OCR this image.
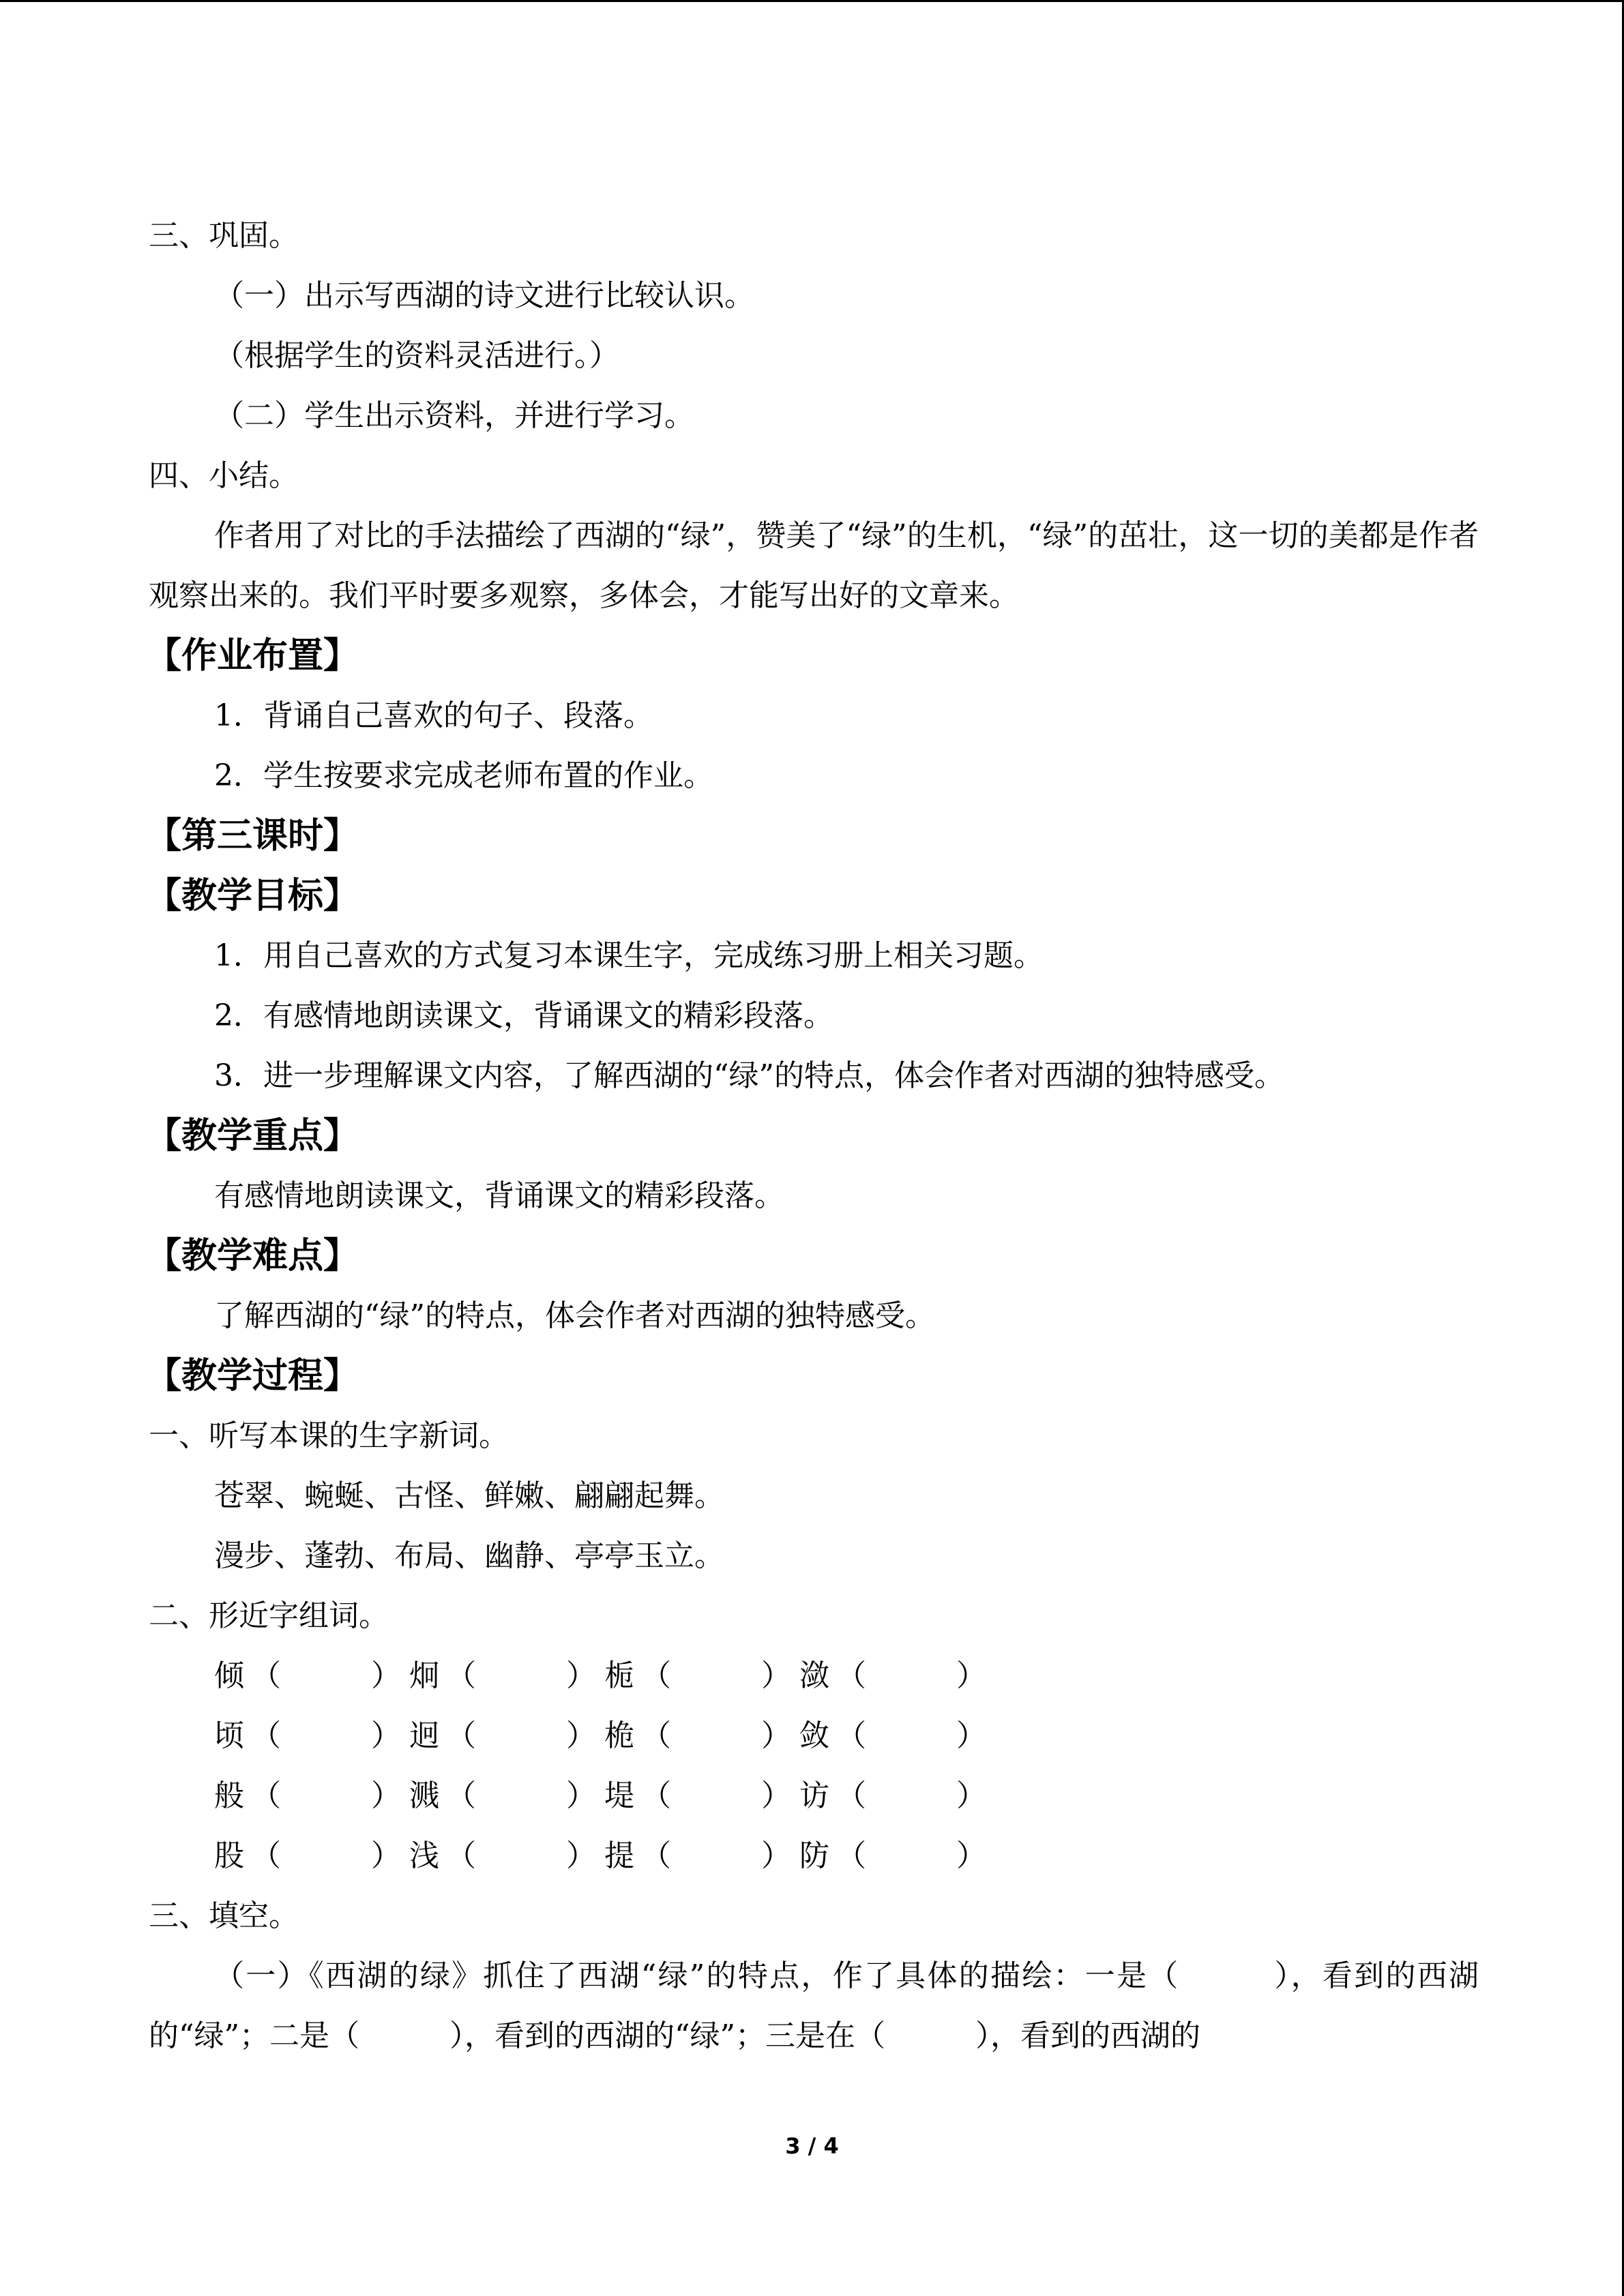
三、巩固。
（一）出示写西湖的诗文进行比较认识。
（根据学生的资料灵活进行。）
（二）学生出示资料，并进行学习。
四、小结。
作者用了对比的手法描绘了西湖的“绿”，赞美了“绿”的生机，“绿”的茁壮，这一切的美都是作者观察出来的。我们平时要多观察，多体会，才能写出好的文章来。
【作业布置】
1．背诵自己喜欢的句子、段落。
2．学生按要求完成老师布置的作业。
【第三课时】
【教学目标】
1．用自己喜欢的方式复习本课生字，完成练习册上相关习题。
2．有感情地朗读课文，背诵课文的精彩段落。
3．进一步理解课文内容，了解西湖的“绿”的特点，体会作者对西湖的独特感受。
【教学重点】
有感情地朗读课文，背诵课文的精彩段落。
【教学难点】
了解西湖的“绿”的特点，体会作者对西湖的独特感受。
【教学过程】
一、听写本课的生字新词。
苍翠、蜿蜒、古怪、鲜嫩、翩翩起舞。
漫步、蓬勃、布局、幽静、亭亭玉立。
二、形近字组词。
倾 （　　　） 炯 （　　　） 栀 （　　　） 潋 （　　　）
顷 （　　　） 迥 （　　　） 桅 （　　　） 敛 （　　　）
般 （　　　） 溅 （　　　） 堤 （　　　） 访 （　　　）
股 （　　　） 浅 （　　　） 提 （　　　） 防 （　　　）
三、填空。
（一）《西湖的绿》抓住了西湖“绿”的特点，作了具体的描绘：一是（　　　），看到的西湖的“绿”；二是（　　　），看到的西湖的“绿”；三是在（　　　），看到的西湖的
3 / 4
